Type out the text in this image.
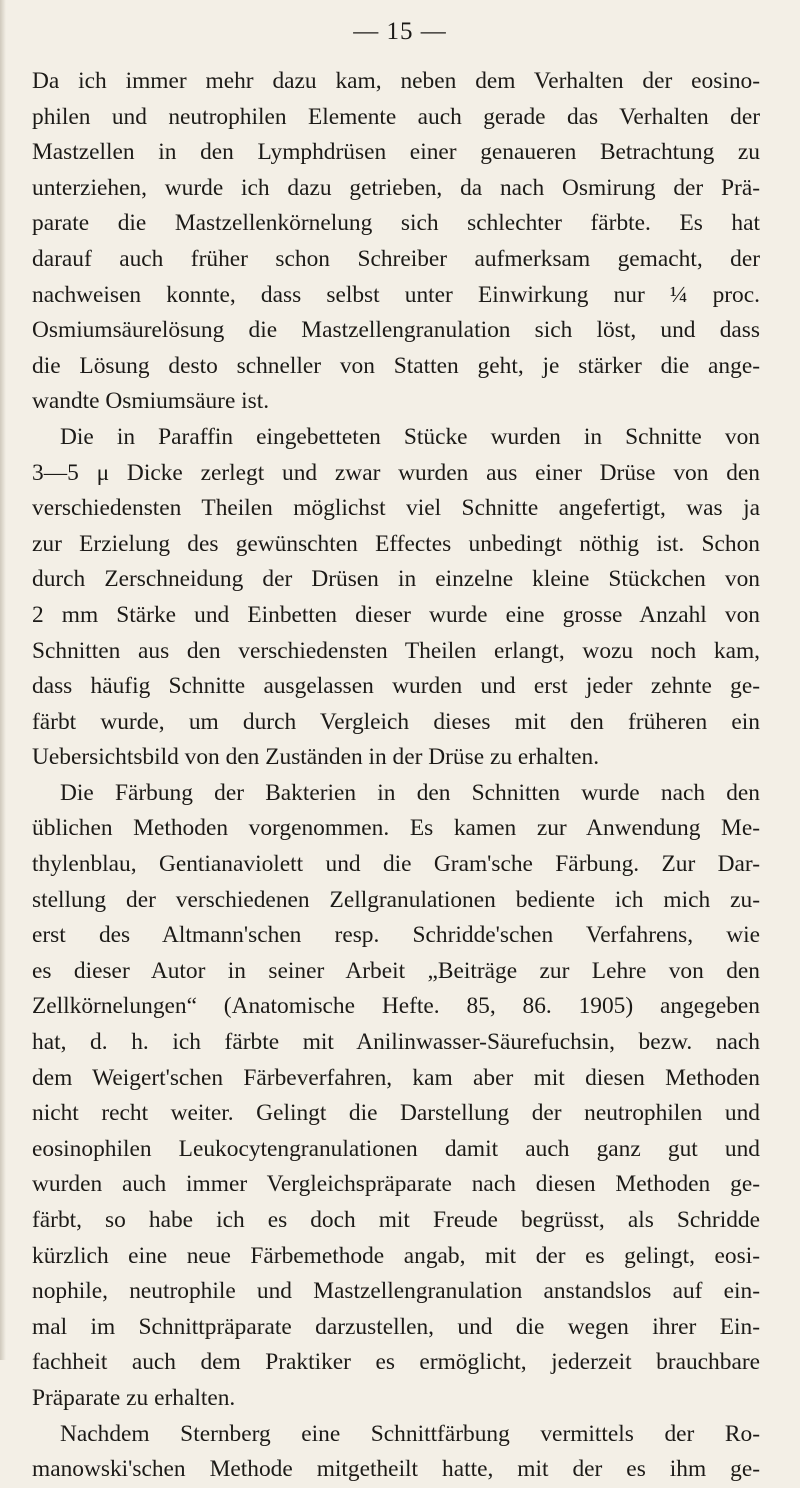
— 15 —
Da ich immer mehr dazu kam, neben dem Verhalten der eosino-
philen und neutrophilen Elemente auch gerade das Verhalten der
Mastzellen in den Lymphdrüsen einer genaueren Betrachtung zu
unterziehen, wurde ich dazu getrieben, da nach Osmirung der Prä-
parate die Mastzellenkörnelung sich schlechter färbte. Es hat
darauf auch früher schon Schreiber aufmerksam gemacht, der
nachweisen konnte, dass selbst unter Einwirkung nur ¼ proc.
Osmiumsäurelösung die Mastzellengranulation sich löst, und dass
die Lösung desto schneller von Statten geht, je stärker die ange-
wandte Osmiumsäure ist.
Die in Paraffin eingebetteten Stücke wurden in Schnitte von
3—5 μ Dicke zerlegt und zwar wurden aus einer Drüse von den
verschiedensten Theilen möglichst viel Schnitte angefertigt, was ja
zur Erzielung des gewünschten Effectes unbedingt nöthig ist. Schon
durch Zerschneidung der Drüsen in einzelne kleine Stückchen von
2 mm Stärke und Einbetten dieser wurde eine grosse Anzahl von
Schnitten aus den verschiedensten Theilen erlangt, wozu noch kam,
dass häufig Schnitte ausgelassen wurden und erst jeder zehnte ge-
färbt wurde, um durch Vergleich dieses mit den früheren ein
Uebersichtsbild von den Zuständen in der Drüse zu erhalten.
Die Färbung der Bakterien in den Schnitten wurde nach den
üblichen Methoden vorgenommen. Es kamen zur Anwendung Me-
thylenblau, Gentianaviolett und die Gram'sche Färbung. Zur Dar-
stellung der verschiedenen Zellgranulationen bediente ich mich zu-
erst des Altmann'schen resp. Schridde'schen Verfahrens, wie
es dieser Autor in seiner Arbeit „Beiträge zur Lehre von den
Zellkörnelungen“ (Anatomische Hefte. 85, 86. 1905) angegeben
hat, d. h. ich färbte mit Anilinwasser-Säurefuchsin, bezw. nach
dem Weigert'schen Färbeverfahren, kam aber mit diesen Methoden
nicht recht weiter. Gelingt die Darstellung der neutrophilen und
eosinophilen Leukocytengranulationen damit auch ganz gut und
wurden auch immer Vergleichspräparate nach diesen Methoden ge-
färbt, so habe ich es doch mit Freude begrüsst, als Schridde
kürzlich eine neue Färbemethode angab, mit der es gelingt, eosi-
nophile, neutrophile und Mastzellengranulation anstandslos auf ein-
mal im Schnittpräparate darzustellen, und die wegen ihrer Ein-
fachheit auch dem Praktiker es ermöglicht, jederzeit brauchbare
Präparate zu erhalten.
Nachdem Sternberg eine Schnittfärbung vermittels der Ro-
manowski'schen Methode mitgetheilt hatte, mit der es ihm ge-
